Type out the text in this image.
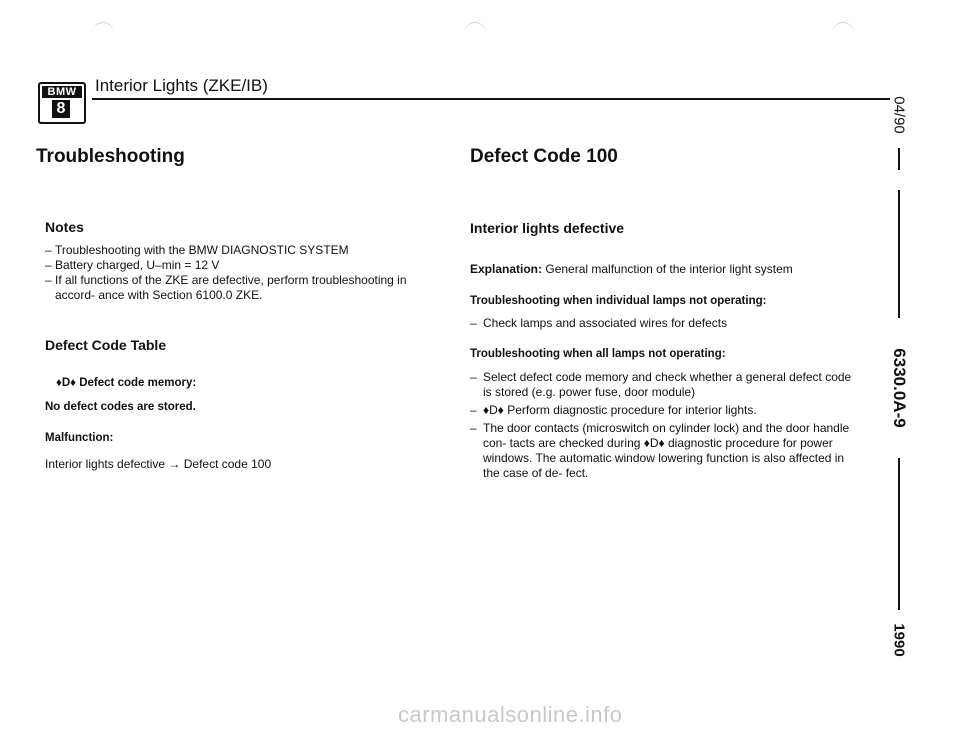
BMW
8
Interior Lights (ZKE/IB)
Troubleshooting
Notes
– Troubleshooting with the BMW DIAGNOSTIC SYSTEM
– Battery charged, U–min = 12 V
– If all functions of the ZKE are defective, perform troubleshooting in accord- ance with Section 6100.0 ZKE.
Defect Code Table
♦D♦ Defect code memory:
No defect codes are stored.
Malfunction:
Interior lights defective → Defect code 100
Defect Code 100
Interior lights defective
Explanation: General malfunction of the interior light system
Troubleshooting when individual lamps not operating:
– Check lamps and associated wires for defects
Troubleshooting when all lamps not operating:
– Select defect code memory and check whether a general defect code is stored (e.g. power fuse, door module)
– ♦D♦ Perform diagnostic procedure for interior lights.
– The door contacts (microswitch on cylinder lock) and the door handle con- tacts are checked during ♦D♦ diagnostic procedure for power windows. The automatic window lowering function is also affected in the case of de- fect.
04/90
6330.0A-9
1990
carmanualsonline.info
